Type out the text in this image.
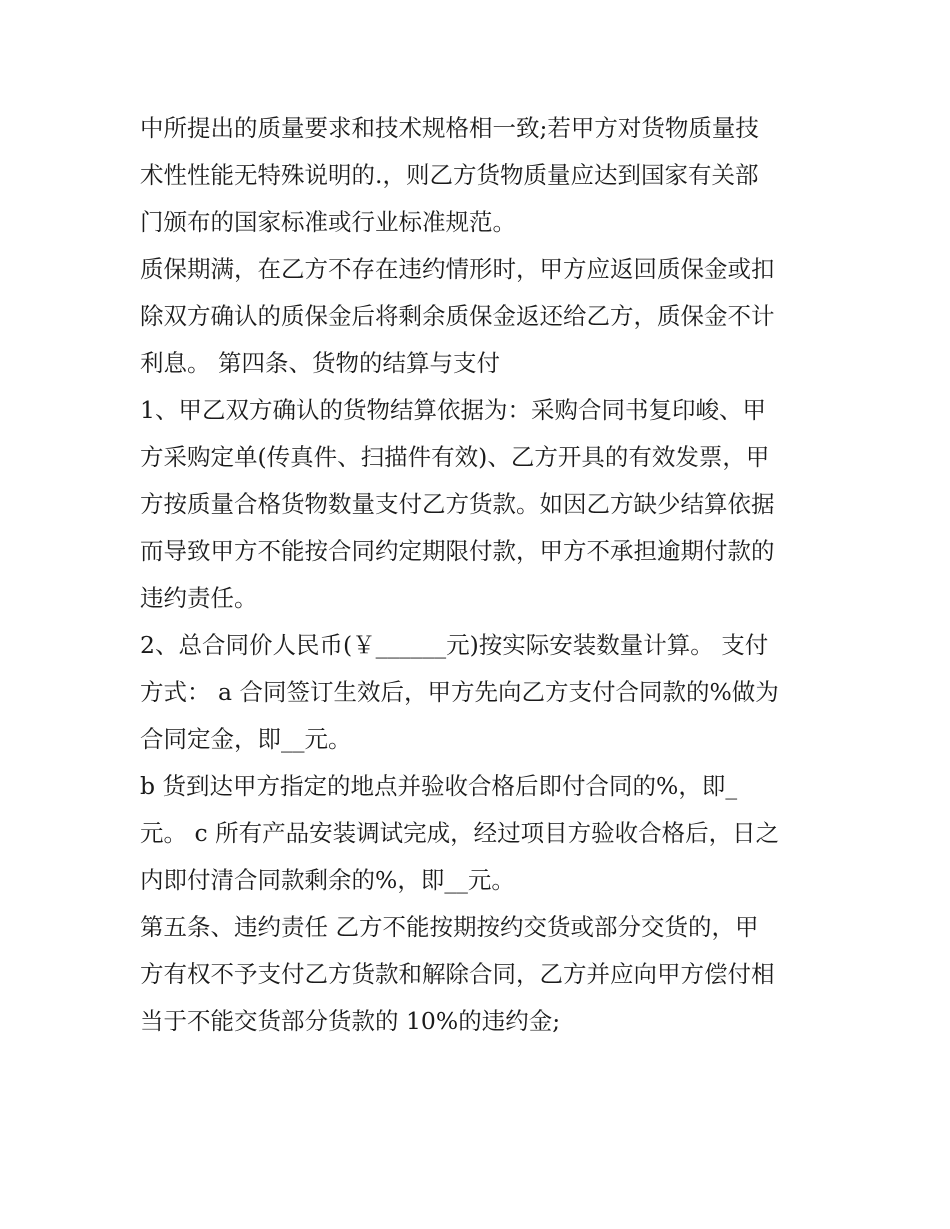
中所提出的质量要求和技术规格相一致;若甲方对货物质量技
术性性能无特殊说明的.，则乙方货物质量应达到国家有关部
门颁布的国家标准或行业标准规范。

质保期满，在乙方不存在违约情形时，甲方应返回质保金或扣
除双方确认的质保金后将剩余质保金返还给乙方，质保金不计
利息。 第四条、货物的结算与支付

1、甲乙双方确认的货物结算依据为：采购合同书复印峻、甲
方采购定单(传真件、扫描件有效)、乙方开具的有效发票，甲
方按质量合格货物数量支付乙方货款。如因乙方缺少结算依据
而导致甲方不能按合同约定期限付款，甲方不承担逾期付款的
违约责任。

2、总合同价人民币(￥______元)按实际安装数量计算。 支付
方式： a 合同签订生效后，甲方先向乙方支付合同款的%做为
合同定金，即__元。

b 货到达甲方指定的地点并验收合格后即付合同的%，即_
元。 c 所有产品安装调试完成，经过项目方验收合格后，日之
内即付清合同款剩余的%，即__元。

第五条、违约责任 乙方不能按期按约交货或部分交货的，甲
方有权不予支付乙方货款和解除合同，乙方并应向甲方偿付相
当于不能交货部分货款的 10%的违约金;
